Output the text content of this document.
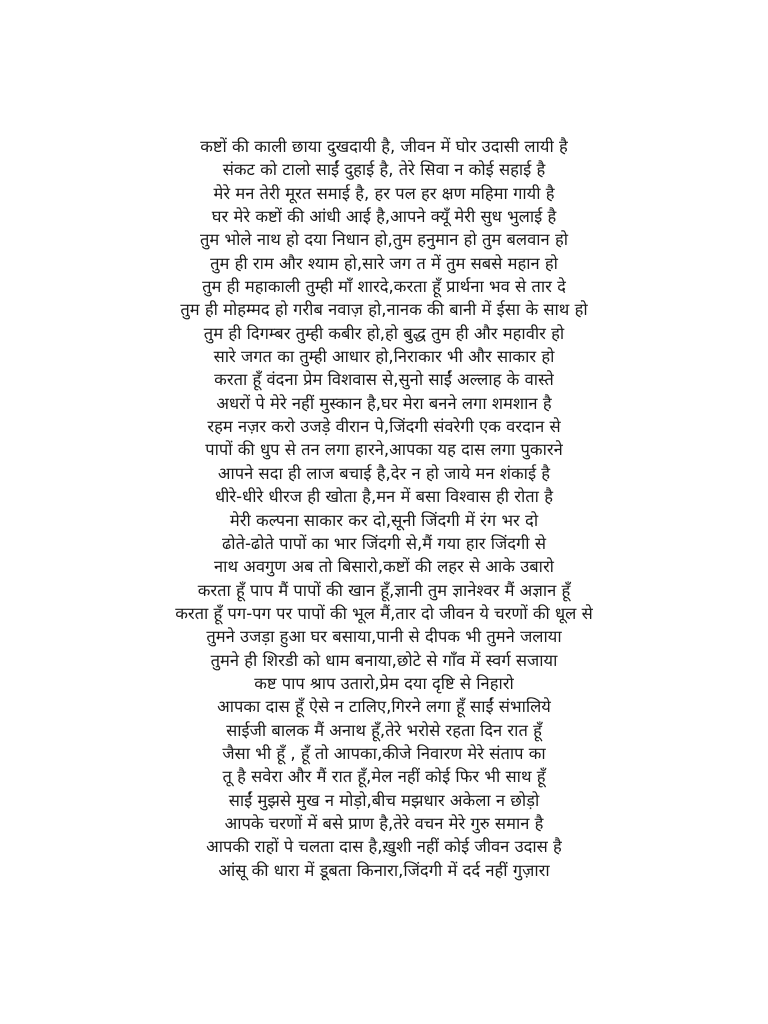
कष्टों की काली छाया दुखदायी है, जीवन में घोर उदासी लायी है
संकट को टालो साईं दुहाई है, तेरे सिवा न कोई सहाई है
मेरे मन तेरी मूरत समाई है, हर पल हर क्षण महिमा गायी है
घर मेरे कष्टों की आंधी आई है,आपने क्यूँ मेरी सुध भुलाई है
तुम भोले नाथ हो दया निधान हो,तुम हनुमान हो तुम बलवान हो
तुम ही राम और श्याम हो,सारे जग त में तुम सबसे महान हो
तुम ही महाकाली तुम्ही माँ शारदे,करता हूँ प्रार्थना भव से तार दे
तुम ही मोहम्मद हो गरीब नवाज़ हो,नानक की बानी में ईसा के साथ हो
तुम ही दिगम्बर तुम्ही कबीर हो,हो बुद्ध तुम ही और महावीर हो
सारे जगत का तुम्ही आधार हो,निराकार भी और साकार हो
करता हूँ वंदना प्रेम विशवास से,सुनो साईं अल्लाह के वास्ते
अधरों पे मेरे नहीं मुस्कान है,घर मेरा बनने लगा शमशान है
रहम नज़र करो उजड़े वीरान पे,जिंदगी संवरेगी एक वरदान से
पापों की धुप से तन लगा हारने,आपका यह दास लगा पुकारने
आपने सदा ही लाज बचाई है,देर न हो जाये मन शंकाई है
धीरे-धीरे धीरज ही खोता है,मन में बसा विश्वास ही रोता है
मेरी कल्पना साकार कर दो,सूनी जिंदगी में रंग भर दो
ढोते-ढोते पापों का भार जिंदगी से,मैं गया हार जिंदगी से
नाथ अवगुण अब तो बिसारो,कष्टों की लहर से आके उबारो
करता हूँ पाप मैं पापों की खान हूँ,ज्ञानी तुम ज्ञानेश्वर मैं अज्ञान हूँ
करता हूँ पग-पग पर पापों की भूल मैं,तार दो जीवन ये चरणों की धूल से
तुमने उजड़ा हुआ घर बसाया,पानी से दीपक भी तुमने जलाया
तुमने ही शिरडी को धाम बनाया,छोटे से गाँव में स्वर्ग सजाया
कष्ट पाप श्राप उतारो,प्रेम दया दृष्टि से निहारो
आपका दास हूँ ऐसे न टालिए,गिरने लगा हूँ साईं संभालिये
साईजी बालक मैं अनाथ हूँ,तेरे भरोसे रहता दिन रात हूँ
जैसा भी हूँ , हूँ तो आपका,कीजे निवारण मेरे संताप का
तू है सवेरा और मैं रात हूँ,मेल नहीं कोई फिर भी साथ हूँ
साईं मुझसे मुख न मोड़ो,बीच मझधार अकेला न छोड़ो
आपके चरणों में बसे प्राण है,तेरे वचन मेरे गुरु समान है
आपकी राहों पे चलता दास है,ख़ुशी नहीं कोई जीवन उदास है
आंसू की धारा में डूबता किनारा,जिंदगी में दर्द नहीं गुज़ारा
